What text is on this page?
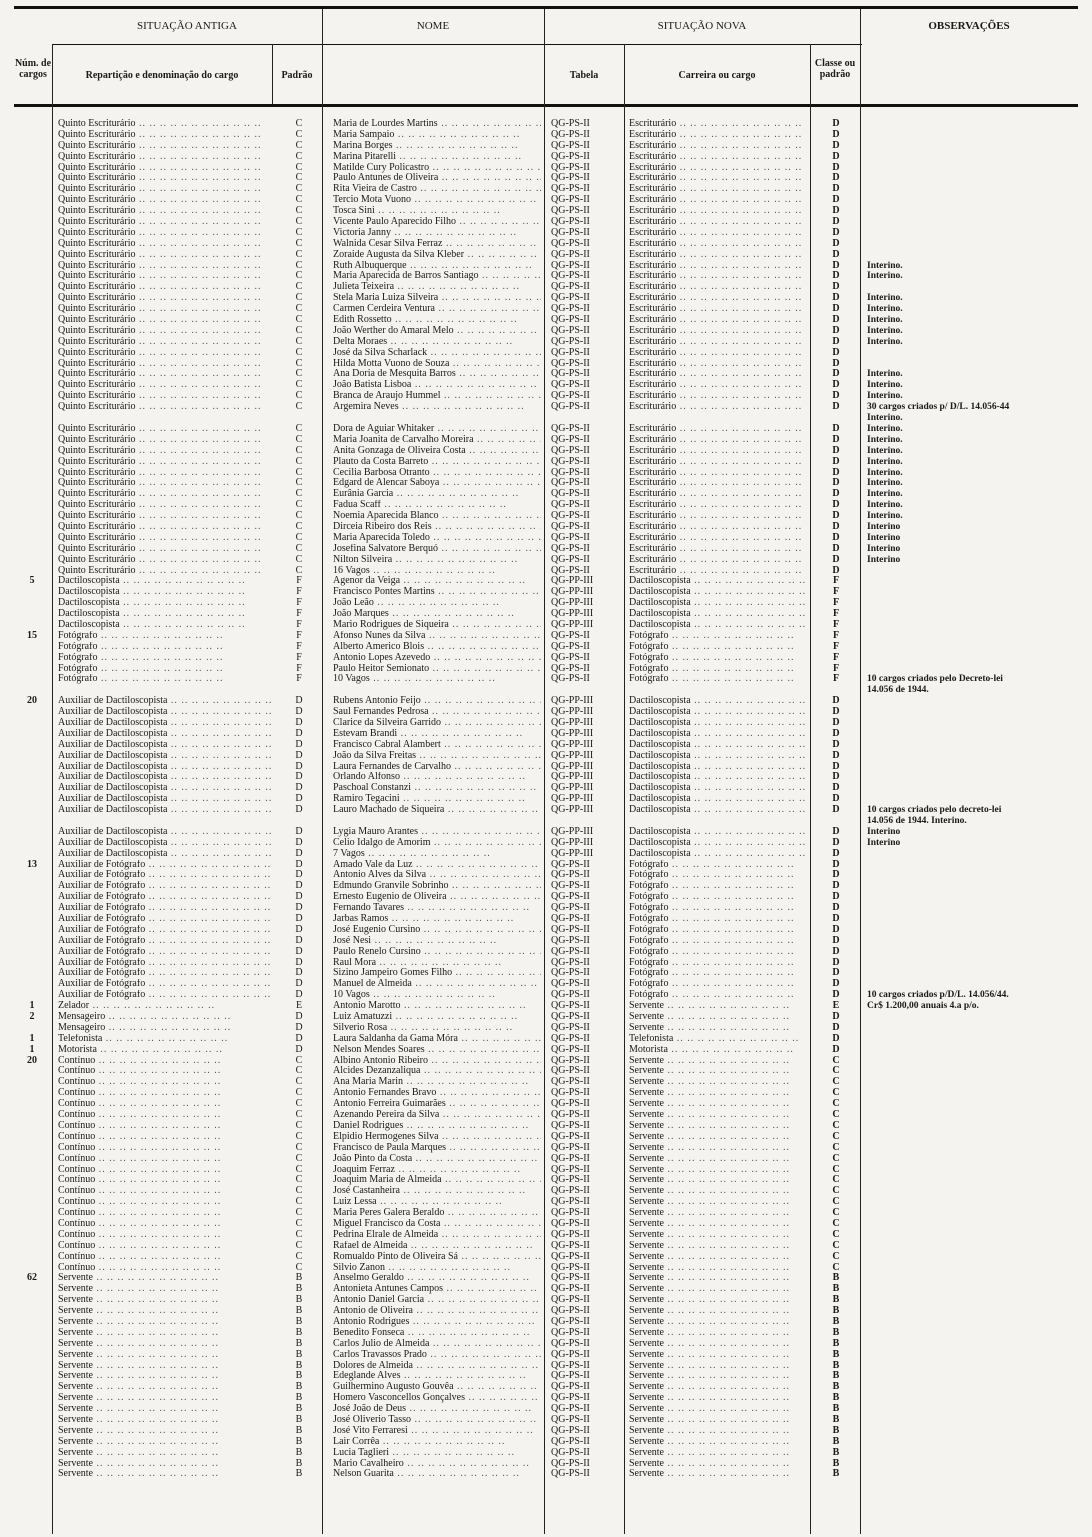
SITUAÇÃO ANTIGA	NOME	SITUAÇÃO NOVA	OBSERVAÇÕES
Núm. de cargos	Repartição e denominação do cargo	Padrão	Tabela	Carreira ou cargo
Classe ou padrão
Quinto Escriturário .. ..	C	Maria de Lourdes Martins .. ..	QG-PS-II	Escriturário .. ..	D
Quinto Escriturário .. ..	C	Maria Sampaio .. ..	QG-PS-II	Escriturário .. ..	D
Quinto Escriturário .. ..	C	Marina Borges .. ..	QG-PS-II	Escriturário .. ..	D
Quinto Escriturário .. ..	C	Marina Pitarelli .. ..	QG-PS-II	Escriturário .. ..	D
Quinto Escriturário .. ..	C	Matilde Cury Policastro .. ..	QG-PS-II	Escriturário .. ..	D
Quinto Escriturário .. ..	C	Paulo Antunes de Oliveira .. ..	QG-PS-II	Escriturário .. ..	D
Quinto Escriturário .. ..	C	Rita Vieira de Castro .. ..	QG-PS-II	Escriturário .. ..	D
Quinto Escriturário .. ..	C	Tercio Mota Vuono .. ..	QG-PS-II	Escriturário .. ..	D
Quinto Escriturário .. ..	C	Tosca Sini .. ..	QG-PS-II	Escriturário .. ..	D
Quinto Escriturário .. ..	C	Vicente Paulo Aparecido Filho .. ..	QG-PS-II	Escriturário .. ..	D
Quinto Escriturário .. ..	C	Victoria Janny .. ..	QG-PS-II	Escriturário .. ..	D
Quinto Escriturário .. ..	C	Walnida Cesar Silva Ferraz .. ..	QG-PS-II	Escriturário .. ..	D
Quinto Escriturário .. ..	C	Zoraide Augusta da Silva Kleber .. ..	QG-PS-II	Escriturário .. ..	D
Quinto Escriturário .. ..	C	Ruth Albuquerque .. ..	QG-PS-II	Escriturário .. ..	D	Interino.
Quinto Escriturário .. ..	C	Maria Aparecida de Barros Santiago .. ..	QG-PS-II	Escriturário .. ..	D	Interino.
Quinto Escriturário .. ..	C	Julieta Teixeira .. ..	QG-PS-II	Escriturário .. ..	D
Quinto Escriturário .. ..	C	Stela Maria Luiza Silveira .. ..	QG-PS-II	Escriturário .. ..	D	Interino.
Quinto Escriturário .. ..	C	Carmen Cerdeira Ventura .. ..	QG-PS-II	Escriturário .. ..	D	Interino.
Quinto Escriturário .. ..	C	Edith Rossetto .. ..	QG-PS-II	Escriturário .. ..	D	Interino.
Quinto Escriturário .. ..	C	João Werther do Amaral Melo .. ..	QG-PS-II	Escriturário .. ..	D	Interino.
Quinto Escriturário .. ..	C	Delta Moraes .. ..	QG-PS-II	Escriturário .. ..	D	Interino.
Quinto Escriturário .. ..	C	José da Silva Scharlack .. ..	QG-PS-II	Escriturário .. ..	D
Quinto Escriturário .. ..	C	Hilda Motta Vuono de Souza .. ..	QG-PS-II	Escriturário .. ..	D
Quinto Escriturário .. ..	C	Ana Doria de Mesquita Barros .. ..	QG-PS-II	Escriturário .. ..	D	Interino.
Quinto Escriturário .. ..	C	João Batista Lisboa .. ..	QG-PS-II	Escriturário .. ..	D	Interino.
Quinto Escriturário .. ..	C	Branca de Araujo Hummel .. ..	QG-PS-II	Escriturário .. ..	D	Interino.
Quinto Escriturário .. ..	C	Argemira Neves .. ..	QG-PS-II	Escriturário .. ..	D	30 cargos criados p/ D/L. 14.056-44
Interino.
Quinto Escriturário .. ..	C	Dora de Aguiar Whitaker .. ..	QG-PS-II	Escriturário .. ..	D	Interino.
Quinto Escriturário .. ..	C	Maria Joanita de Carvalho Moreira .. ..	QG-PS-II	Escriturário .. ..	D	Interino.
Quinto Escriturário .. ..	C	Anita Gonzaga de Oliveira Costa .. ..	QG-PS-II	Escriturário .. ..	D	Interino.
Quinto Escriturário .. ..	C	Plauto da Costa Barreto .. ..	QG-PS-II	Escriturário .. ..	D	Interino.
Quinto Escriturário .. ..	C	Cecilia Barbosa Otranto .. ..	QG-PS-II	Escriturário .. ..	D	Interino.
Quinto Escriturário .. ..	C	Edgard de Alencar Saboya .. ..	QG-PS-II	Escriturário .. ..	D	Interino.
Quinto Escriturário .. ..	C	Eurânia Garcia .. ..	QG-PS-II	Escriturário .. ..	D	Interino.
Quinto Escriturário .. ..	C	Fadua Scaff .. ..	QG-PS-II	Escriturário .. ..	D	Interino.
Quinto Escriturário .. ..	C	Noemia Aparecida Blanco .. ..	QG-PS-II	Escriturário .. ..	D	Interino.
Quinto Escriturário .. ..	C	Dirceia Ribeiro dos Reis .. ..	QG-PS-II	Escriturário .. ..	D	Interino
Quinto Escriturário .. ..	C	Maria Aparecida Toledo .. ..	QG-PS-II	Escriturário .. ..	D	Interino
Quinto Escriturário .. ..	C	Josefina Salvatore Berquó .. ..	QG-PS-II	Escriturário .. ..	D	Interino
Quinto Escriturário .. ..	C	Nilton Silveira .. ..	QG-PS-II	Escriturário .. ..	D	Interino
Quinto Escriturário .. ..	C	16 Vagos .. ..	QG-PS-II	Escriturário .. ..	D
5	Dactiloscopista .. ..	F	Agenor da Veiga .. ..	QG-PP-III	Dactiloscopista .. ..	F
Dactiloscopista .. ..	F	Francisco Pontes Martins .. ..	QG-PP-III	Dactiloscopista .. ..	F
Dactiloscopista .. ..	F	João Leão .. ..	QG-PP-III	Dactiloscopista .. ..	F
Dactiloscopista .. ..	F	João Marques .. ..	QG-PP-III	Dactiloscopista .. ..	F
Dactiloscopista .. ..	F	Mario Rodrigues de Siqueira .. ..	QG-PP-III	Dactiloscopista .. ..	F
15	Fotógrafo .. ..	F	Afonso Nunes da Silva .. ..	QG-PS-II	Fotógrafo .. ..	F
Fotógrafo .. ..	F	Alberto Americo Blois .. ..	QG-PS-II	Fotógrafo .. ..	F
Fotógrafo .. ..	F	Antonio Lopes Azevedo .. ..	QG-PS-II	Fotógrafo .. ..	F
Fotógrafo .. ..	F	Paulo Heitor Semionato .. ..	QG-PS-II	Fotógrafo .. ..	F
Fotógrafo .. ..	F	10 Vagos .. ..	QG-PS-II	Fotógrafo .. ..	F	10 cargos criados pelo Decreto-lei
14.056 de 1944.
20	Auxiliar de Dactiloscopista .. ..	D	Rubens Antonio Feijo .. ..	QG-PP-III	Dactiloscopista .. ..	D
Auxiliar de Dactiloscopista .. ..	D	Saul Fernandes Pedrosa .. ..	QG-PP-III	Dactiloscopista .. ..	D
Auxiliar de Dactiloscopista .. ..	D	Clarice da Silveira Garrido .. ..	QG-PP-III	Dactiloscopista .. ..	D
Auxiliar de Dactiloscopista .. ..	D	Estevam Brandi .. ..	QG-PP-III	Dactiloscopista .. ..	D
Auxiliar de Dactiloscopista .. ..	D	Francisco Cabral Alambert .. ..	QG-PP-III	Dactiloscopista .. ..	D
Auxiliar de Dactiloscopista .. ..	D	João da Silva Freitas .. ..	QG-PP-III	Dactiloscopista .. ..	D
Auxiliar de Dactiloscopista .. ..	D	Laura Fernandes de Carvalho .. ..	QG-PP-III	Dactiloscopista .. ..	D
Auxiliar de Dactiloscopista .. ..	D	Orlando Alfonso .. ..	QG-PP-III	Dactiloscopista .. ..	D
Auxiliar de Dactiloscopista .. ..	D	Paschoal Constanzi .. ..	QG-PP-III	Dactiloscopista .. ..	D
Auxiliar de Dactiloscopista .. ..	D	Ramiro Tegacini .. ..	QG-PP-III	Dactiloscopista .. ..	D
Auxiliar de Dactiloscopista .. ..	D	Lauro Machado de Siqueira .. ..	QG-PP-III	Dactiloscopista .. ..	D	10 cargos criados pelo decreto-lei
14.056 de 1944. Interino.
Auxiliar de Dactiloscopista .. ..	D	Lygia Mauro Arantes .. ..	QG-PP-III	Dactiloscopista .. ..	D	Interino
Auxiliar de Dactiloscopista .. ..	D	Celio Idalgo de Amorim .. ..	QG-PP-III	Dactiloscopista .. ..	D	Interino
Auxiliar de Dactiloscopista .. ..	D	7 Vagos .. ..	QG-PP-III	Dactiloscopista .. ..	D
13	Auxiliar de Fotógrafo .. ..	D	Amado Vale da Luz .. ..	QG-PS-II	Fotógrafo .. ..	D
Auxiliar de Fotógrafo .. ..	D	Antonio Alves da Silva .. ..	QG-PS-II	Fotógrafo .. ..	D
Auxiliar de Fotógrafo .. ..	D	Edmundo Granvile Sobrinho .. ..	QG-PS-II	Fotógrafo .. ..	D
Auxiliar de Fotógrafo .. ..	D	Ernesto Eugenio de Oliveira .. ..	QG-PS-II	Fotógrafo .. ..	D
Auxiliar de Fotógrafo .. ..	D	Fernando Tavares .. ..	QG-PS-II	Fotógrafo .. ..	D
Auxiliar de Fotógrafo .. ..	D	Jarbas Ramos .. ..	QG-PS-II	Fotógrafo .. ..	D
Auxiliar de Fotógrafo .. ..	D	José Eugenio Cursino .. ..	QG-PS-II	Fotógrafo .. ..	D
Auxiliar de Fotógrafo .. ..	D	José Nesi .. ..	QG-PS-II	Fotógrafo .. ..	D
Auxiliar de Fotógrafo .. ..	D	Paulo Renelo Cursino .. ..	QG-PS-II	Fotógrafo .. ..	D
Auxiliar de Fotógrafo .. ..	D	Raul Mora .. ..	QG-PS-II	Fotógrafo .. ..	D
Auxiliar de Fotógrafo .. ..	D	Sizino Jampeiro Gomes Filho .. ..	QG-PS-II	Fotógrafo .. ..	D
Auxiliar de Fotógrafo .. ..	D	Manuel de Almeida .. ..	QG-PS-II	Fotógrafo .. ..	D
Auxiliar de Fotógrafo .. ..	D	10 Vagos .. ..	QG-PS-II	Fotógrafo .. ..	D	10 cargos criados p/D/L. 14.056/44.
1	Zelador .. ..	E	Antonio Marotto .. ..	QG-PS-II	Servente .. ..	E	Cr$ 1.200,00 anuais 4.a p/o.
2	Mensageiro .. ..	D	Luiz Amatuzzi .. ..	QG-PS-II	Servente .. ..	D
Mensageiro .. ..	D	Silverio Rosa .. ..	QG-PS-II	Servente .. ..	D
1	Telefonista .. ..	D	Laura Saldanha da Gama Móra .. ..	QG-PS-II	Telefonista .. ..	D
1	Motorista .. ..	D	Nelson Mendes Soares .. ..	QG-PS-II	Motorista .. ..	D
20	Contínuo .. ..	C	Albino Antonio Ribeiro .. ..	QG-PS-II	Servente .. ..	C
Contínuo .. ..	C	Alcides Dezanzaliqua .. ..	QG-PS-II	Servente .. ..	C
Contínuo .. ..	C	Ana Maria Marin .. ..	QG-PS-II	Servente .. ..	C
Contínuo .. ..	C	Antonio Fernandes Bravo .. ..	QG-PS-II	Servente .. ..	C
Contínuo .. ..	C	Antonio Ferreira Guimarães .. ..	QG-PS-II	Servente .. ..	C
Contínuo .. ..	C	Azenando Pereira da Silva .. ..	QG-PS-II	Servente .. ..	C
Contínuo .. ..	C	Daniel Rodrigues .. ..	QG-PS-II	Servente .. ..	C
Contínuo .. ..	C	Elpidio Hermogenes Silva .. ..	QG-PS-II	Servente .. ..	C
Contínuo .. ..	C	Francisco de Paula Marques .. ..	QG-PS-II	Servente .. ..	C
Contínuo .. ..	C	João Pinto da Costa .. ..	QG-PS-II	Servente .. ..	C
Contínuo .. ..	C	Joaquim Ferraz .. ..	QG-PS-II	Servente .. ..	C
Contínuo .. ..	C	Joaquim Maria de Almeida .. ..	QG-PS-II	Servente .. ..	C
Contínuo .. ..	C	José Castanheira .. ..	QG-PS-II	Servente .. ..	C
Contínuo .. ..	C	Luiz Lessa .. ..	QG-PS-II	Servente .. ..	C
Contínuo .. ..	C	Maria Peres Galera Beraldo .. ..	QG-PS-II	Servente .. ..	C
Contínuo .. ..	C	Miguel Francisco da Costa .. ..	QG-PS-II	Servente .. ..	C
Contínuo .. ..	C	Pedrina Elrale de Almeida .. ..	QG-PS-II	Servente .. ..	C
Contínuo .. ..	C	Rafael de Almeida .. ..	QG-PS-II	Servente .. ..	C
Contínuo .. ..	C	Romualdo Pinto de Oliveira Sá .. ..	QG-PS-II	Servente .. ..	C
Contínuo .. ..	C	Silvio Zanon .. ..	QG-PS-II	Servente .. ..	C
62	Servente .. ..	B	Anselmo Geraldo .. ..	QG-PS-II	Servente .. ..	B
Servente .. ..	B	Antonieta Antunes Campos .. ..	QG-PS-II	Servente .. ..	B
Servente .. ..	B	Antonio Daniel Garcia .. ..	QG-PS-II	Servente .. ..	B
Servente .. ..	B	Antonio de Oliveira .. ..	QG-PS-II	Servente .. ..	B
Servente .. ..	B	Antonio Rodrigues .. ..	QG-PS-II	Servente .. ..	B
Servente .. ..	B	Benedito Fonseca .. ..	QG-PS-II	Servente .. ..	B
Servente .. ..	B	Carlos Julio de Almeida .. ..	QG-PS-II	Servente .. ..	B
Servente .. ..	B	Carlos Travassos Prado .. ..	QG-PS-II	Servente .. ..	B
Servente .. ..	B	Dolores de Almeida .. ..	QG-PS-II	Servente .. ..	B
Servente .. ..	B	Edeglande Alves .. ..	QG-PS-II	Servente .. ..	B
Servente .. ..	B	Guilhermino Augusto Gouvêa .. ..	QG-PS-II	Servente .. ..	B
Servente .. ..	B	Homero Vasconcellos Gonçalves .. ..	QG-PS-II	Servente .. ..	B
Servente .. ..	B	José João de Deus .. ..	QG-PS-II	Servente .. ..	B
Servente .. ..	B	José Oliverio Tasso .. ..	QG-PS-II	Servente .. ..	B
Servente .. ..	B	José Vito Ferraresi .. ..	QG-PS-II	Servente .. ..	B
Servente .. ..	B	Lair Corrêa .. ..	QG-PS-II	Servente .. ..	B
Servente .. ..	B	Lucia Taglieri .. ..	QG-PS-II	Servente .. ..	B
Servente .. ..	B	Mario Cavalheiro .. ..	QG-PS-II	Servente .. ..	B
Servente .. ..	B	Nelson Guarita .. ..	QG-PS-II	Servente .. ..	B
